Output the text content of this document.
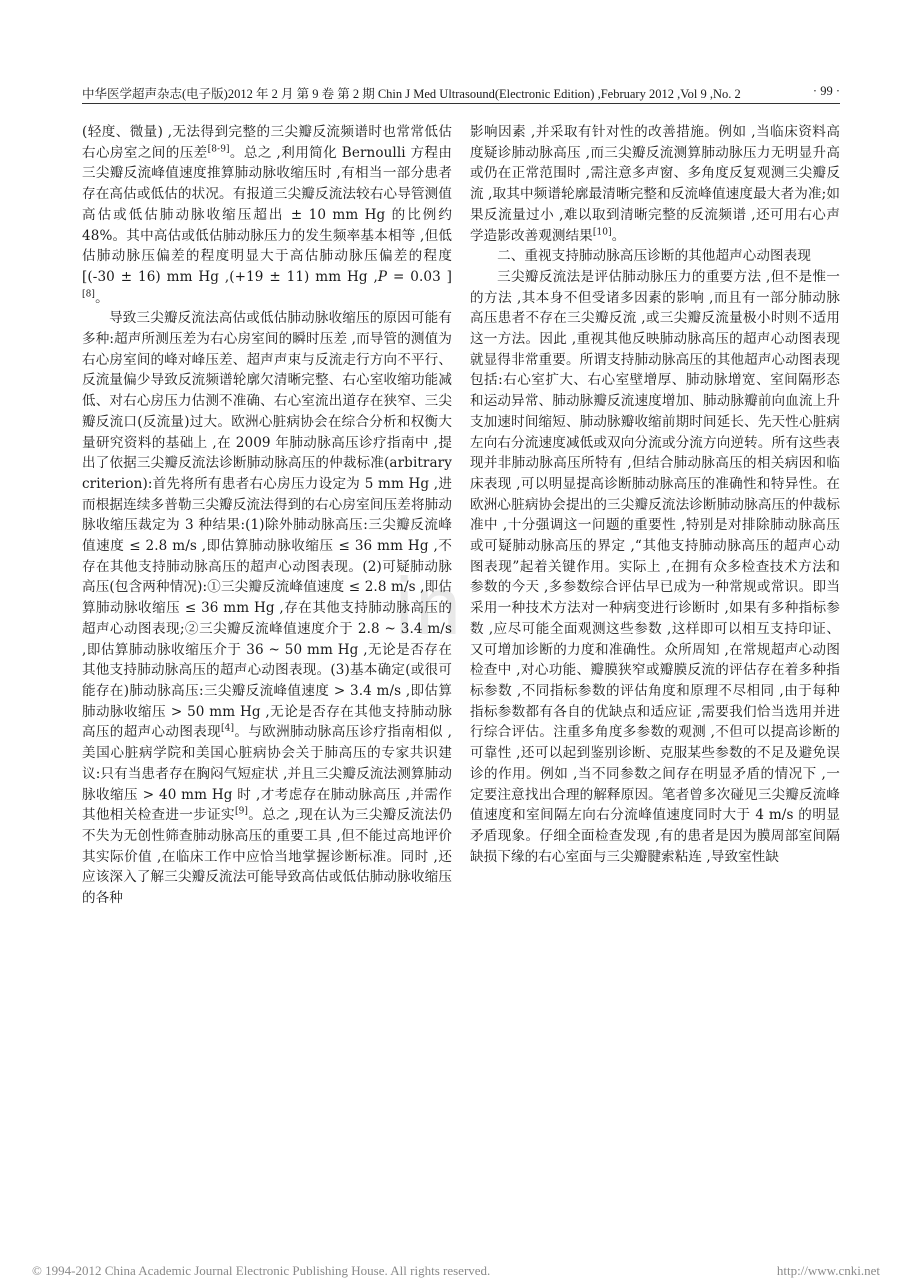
in
中华医学超声杂志(电子版)2012 年 2 月 第 9 卷 第 2 期 Chin J Med Ultrasound(Electronic Edition) ,February 2012 ,Vol 9 ,No. 2	· 99 ·

(轻度、微量) ,无法得到完整的三尖瓣反流频谱时也常常低估右心房室之间的压差[8-9]。总之 ,利用简化 Bernoulli 方程由三尖瓣反流峰值速度推算肺动脉收缩压时 ,有相当一部分患者存在高估或低估的状况。有报道三尖瓣反流法较右心导管测值高估或低估肺动脉收缩压超出 ± 10 mm Hg 的比例约 48%。其中高估或低估肺动脉压力的发生频率基本相等 ,但低估肺动脉压偏差的程度明显大于高估肺动脉压偏差的程度[(-30 ± 16) mm Hg ,(+19 ± 11) mm Hg ,P = 0.03 ][8]。

导致三尖瓣反流法高估或低估肺动脉收缩压的原因可能有多种:超声所测压差为右心房室间的瞬时压差 ,而导管的测值为右心房室间的峰对峰压差、超声声束与反流走行方向不平行、反流量偏少导致反流频谱轮廓欠清晰完整、右心室收缩功能减低、对右心房压力估测不准确、右心室流出道存在狭窄、三尖瓣反流口(反流量)过大。欧洲心脏病协会在综合分析和权衡大量研究资料的基础上 ,在 2009 年肺动脉高压诊疗指南中 ,提出了依据三尖瓣反流法诊断肺动脉高压的仲裁标准(arbitrary criterion):首先将所有患者右心房压力设定为 5 mm Hg ,进而根据连续多普勒三尖瓣反流法得到的右心房室间压差将肺动脉收缩压裁定为 3 种结果:(1)除外肺动脉高压:三尖瓣反流峰值速度 ≤ 2.8 m/s ,即估算肺动脉收缩压 ≤ 36 mm Hg ,不存在其他支持肺动脉高压的超声心动图表现。(2)可疑肺动脉高压(包含两种情况):①三尖瓣反流峰值速度 ≤ 2.8 m/s ,即估算肺动脉收缩压 ≤ 36 mm Hg ,存在其他支持肺动脉高压的超声心动图表现;②三尖瓣反流峰值速度介于 2.8 ~ 3.4 m/s ,即估算肺动脉收缩压介于 36 ~ 50 mm Hg ,无论是否存在其他支持肺动脉高压的超声心动图表现。(3)基本确定(或很可能存在)肺动脉高压:三尖瓣反流峰值速度 > 3.4 m/s ,即估算肺动脉收缩压 > 50 mm Hg ,无论是否存在其他支持肺动脉高压的超声心动图表现[4]。与欧洲肺动脉高压诊疗指南相似 ,美国心脏病学院和美国心脏病协会关于肺高压的专家共识建议:只有当患者存在胸闷气短症状 ,并且三尖瓣反流法测算肺动脉收缩压 > 40 mm Hg 时 ,才考虑存在肺动脉高压 ,并需作其他相关检查进一步证实[9]。总之 ,现在认为三尖瓣反流法仍不失为无创性筛查肺动脉高压的重要工具 ,但不能过高地评价其实际价值 ,在临床工作中应恰当地掌握诊断标准。同时 ,还应该深入了解三尖瓣反流法可能导致高估或低估肺动脉收缩压的各种

影响因素 ,并采取有针对性的改善措施。例如 ,当临床资料高度疑诊肺动脉高压 ,而三尖瓣反流测算肺动脉压力无明显升高或仍在正常范围时 ,需注意多声窗、多角度反复观测三尖瓣反流 ,取其中频谱轮廓最清晰完整和反流峰值速度最大者为准;如果反流量过小 ,难以取到清晰完整的反流频谱 ,还可用右心声学造影改善观测结果[10]。

二、重视支持肺动脉高压诊断的其他超声心动图表现

三尖瓣反流法是评估肺动脉压力的重要方法 ,但不是惟一的方法 ,其本身不但受诸多因素的影响 ,而且有一部分肺动脉高压患者不存在三尖瓣反流 ,或三尖瓣反流量极小时则不适用这一方法。因此 ,重视其他反映肺动脉高压的超声心动图表现就显得非常重要。所谓支持肺动脉高压的其他超声心动图表现包括:右心室扩大、右心室壁增厚、肺动脉增宽、室间隔形态和运动异常、肺动脉瓣反流速度增加、肺动脉瓣前向血流上升支加速时间缩短、肺动脉瓣收缩前期时间延长、先天性心脏病左向右分流速度减低或双向分流或分流方向逆转。所有这些表现并非肺动脉高压所特有 ,但结合肺动脉高压的相关病因和临床表现 ,可以明显提高诊断肺动脉高压的准确性和特异性。在欧洲心脏病协会提出的三尖瓣反流法诊断肺动脉高压的仲裁标准中 ,十分强调这一问题的重要性 ,特别是对排除肺动脉高压或可疑肺动脉高压的界定 ,“其他支持肺动脉高压的超声心动图表现”起着关键作用。实际上 ,在拥有众多检查技术方法和参数的今天 ,多参数综合评估早已成为一种常规或常识。即当采用一种技术方法对一种病变进行诊断时 ,如果有多种指标参数 ,应尽可能全面观测这些参数 ,这样即可以相互支持印证、又可增加诊断的力度和准确性。众所周知 ,在常规超声心动图检查中 ,对心功能、瓣膜狭窄或瓣膜反流的评估存在着多种指标参数 ,不同指标参数的评估角度和原理不尽相同 ,由于每种指标参数都有各自的优缺点和适应证 ,需要我们恰当选用并进行综合评估。注重多角度多参数的观测 ,不但可以提高诊断的可靠性 ,还可以起到鉴别诊断、克服某些参数的不足及避免误诊的作用。例如 ,当不同参数之间存在明显矛盾的情况下 ,一定要注意找出合理的解释原因。笔者曾多次碰见三尖瓣反流峰值速度和室间隔左向右分流峰值速度同时大于 4 m/s 的明显矛盾现象。仔细全面检查发现 ,有的患者是因为膜周部室间隔缺损下缘的右心室面与三尖瓣腱索粘连 ,导致室性缺

© 1994-2012 China Academic Journal Electronic Publishing House. All rights reserved.	http://www.cnki.net
